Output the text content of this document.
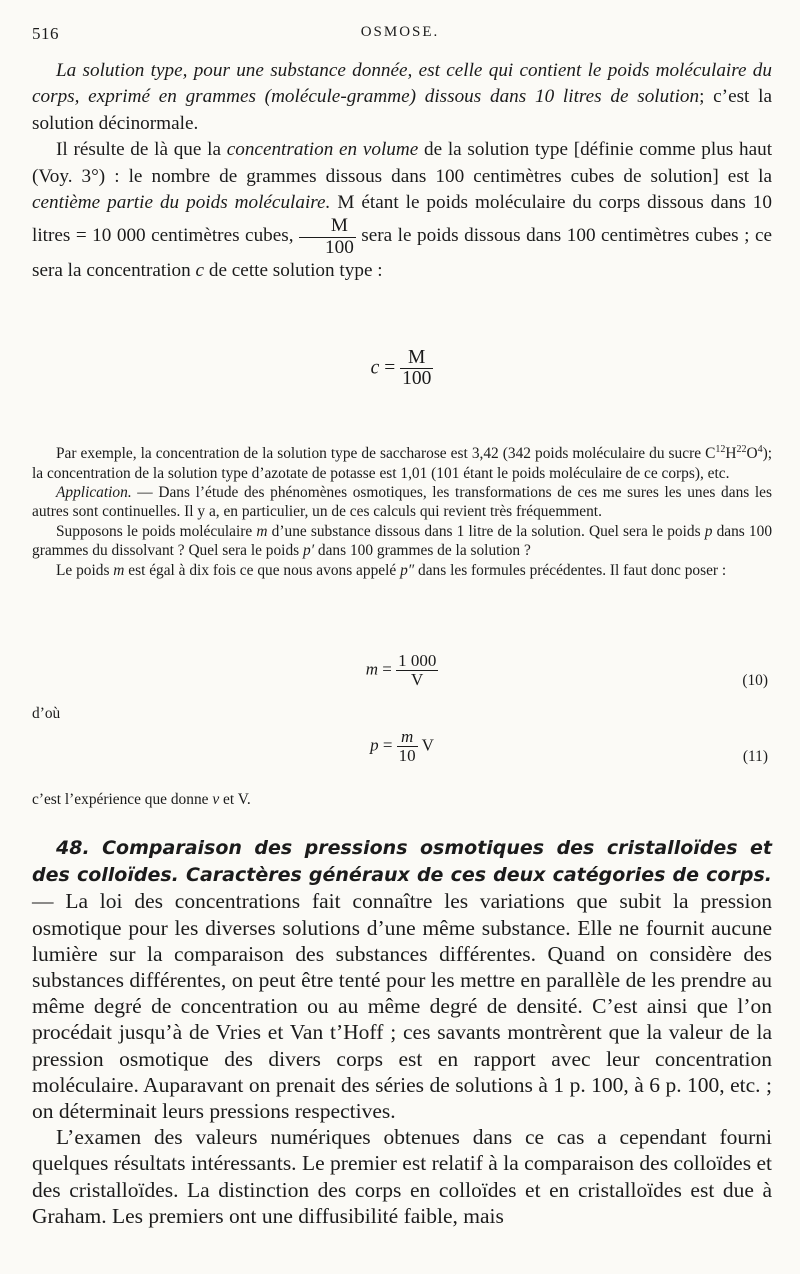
516	OSMOSE.

La solution type, pour une substance donnée, est celle qui contient le poids moléculaire du corps, exprimé en grammes (molécule-gramme) dissous dans 10 litres de solution; c’est la solution décinormale.

Il résulte de là que la concentration en volume de la solution type [définie comme plus haut (Voy. 3°) : le nombre de grammes dissous dans 100 centimètres cubes de solution] est la centième partie du poids moléculaire. M étant le poids moléculaire du corps dissous dans 10 litres = 10 000 centimètres cubes, $\frac{M}{100}$ sera le poids dissous dans 100 centimètres cubes ; ce sera la concentration c de cette solution type :

$c = \frac{M}{100}$

Par exemple, la concentration de la solution type de saccharose est 3,42 (342 poids moléculaire du sucre $C^{12}H^{22}O^4$); la concentration de la solution type d’azotate de potasse est 1,01 (101 étant le poids moléculaire de ce corps), etc.

Application. — Dans l’étude des phénomènes osmotiques, les transformations de ces me sures les unes dans les autres sont continuelles. Il y a, en particulier, un de ces calculs qui revient très fréquemment.

Supposons le poids moléculaire m d’une substance dissous dans 1 litre de la solution. Quel sera le poids p dans 100 grammes du dissolvant ? Quel sera le poids p′ dans 100 grammes de la solution ?

Le poids m est égal à dix fois ce que nous avons appelé p″ dans les formules précédentes. Il faut donc poser :

$m = \frac{1 000}{V}$	(10)
d’où
$p = \frac{m}{10}$ V
(11)
c’est l’expérience que donne v et V.

48. Comparaison des pressions osmotiques des cristalloïdes et des colloïdes. Caractères généraux de ces deux catégories de corps. — La loi des concentrations fait connaître les variations que subit la pression osmotique pour les diverses solutions d’une même substance. Elle ne fournit aucune lumière sur la comparaison des substances différentes. Quand on considère des substances différentes, on peut être tenté pour les mettre en parallèle de les prendre au même degré de concentration ou au même degré de densité. C’est ainsi que l’on procédait jusqu’à de Vries et Van t’Hoff ; ces savants montrèrent que la valeur de la pression osmotique des divers corps est en rapport avec leur concentration moléculaire. Auparavant on prenait des séries de solutions à 1 p. 100, à 6 p. 100, etc. ; on déterminait leurs pressions respectives.

L’examen des valeurs numériques obtenues dans ce cas a cependant fourni quelques résultats intéressants. Le premier est relatif à la comparaison des colloïdes et des cristalloïdes. La distinction des corps en colloïdes et en cristalloïdes est due à Graham. Les premiers ont une diffusibilité faible, mais
